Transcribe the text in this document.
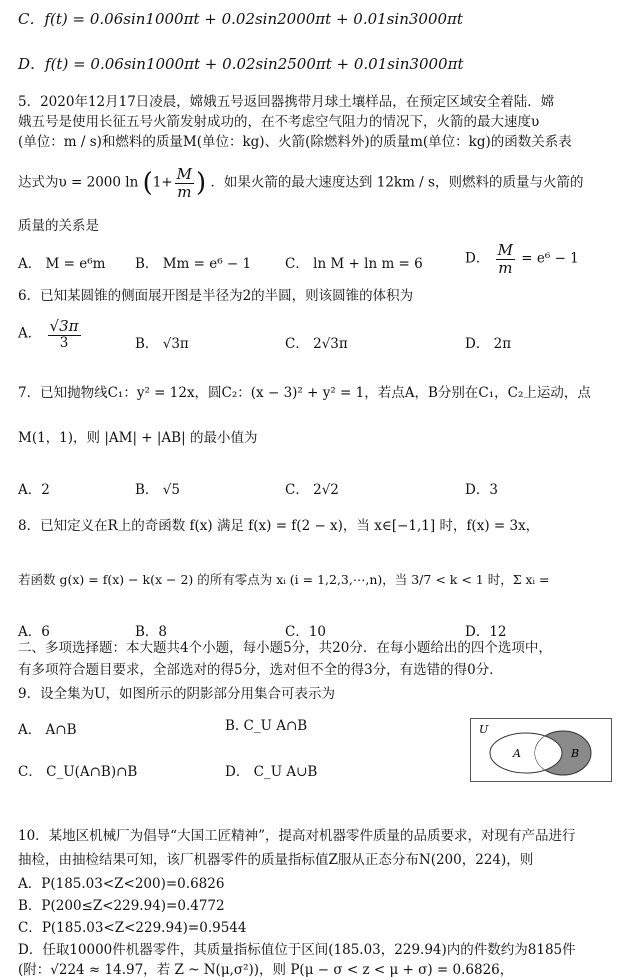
C．f(t) = 0.06sin1000πt + 0.02sin2000πt + 0.01sin3000πt
D．f(t) = 0.06sin1000πt + 0.02sin2500πt + 0.01sin3000πt
5．2020年12月17日凌晨，嫦娥五号返回器携带月球土壤样品，在预定区域安全着陆．嫦
娥五号是使用长征五号火箭发射成功的，在不考虑空气阻力的情况下，火箭的最大速度υ
(单位：m / s)和燃料的质量M(单位：kg)、火箭(除燃料外)的质量m(单位：kg)的函数关系表
达式为υ = 2000 $\ln (1+ \frac{M}{m}$ ) ．如果火箭的最大速度达到 12km / s，则燃料的质量与火箭的
质量的关系是
A． M = e⁶m B． Mm = e⁶ − 1	C． ln M + ln m = 6	D． $\frac{M}{m} = e^6 - 1$
6．已知某圆锥的侧面展开图是半径为2的半圆，则该圆锥的体积为
A． $\frac{√3\pi}{3}$	B． √3π	C． 2√3π	D． 2π
7．已知抛物线C₁：y² = 12x，圆C₂：(x − 3)² + y² = 1，若点A，B分别在C₁，C₂上运动，点
M(1，1)，则 |AM| + |AB| 的最小值为
A．2	B． √5	C． 2√2	D．3
8．已知定义在R上的奇函数 f(x) 满足 f(x) = f(2 − x)，当 x∈[−1,1] 时，f(x) = 3x，
若函数 g(x) = f(x) − k(x − 2) 的所有零点为 xᵢ (i = 1,2,3,⋯,n)，当 3/7 < k < 1 时，Σ xᵢ =
A．6	B．8	C．10	D．12
二、多项选择题：本大题共4个小题，每小题5分，共20分．在每小题给出的四个选项中，
有多项符合题目要求，全部选对的得5分，选对但不全的得3分，有选错的得0分．
9．设全集为U，如图所示的阴影部分用集合可表示为
A． A∩B	B. C_U A∩B
C． C_U(A∩B)∩B	D． C_U A∪B
U
A	B
10．某地区机械厂为倡导“大国工匠精神”，提高对机器零件质量的品质要求，对现有产品进行
抽检，由抽检结果可知，该厂机器零件的质量指标值Z服从正态分布N(200，224)，则
A．P(185.03<Z<200)=0.6826
B．P(200≤Z<229.94)=0.4772
C．P(185.03<Z<229.94)=0.9544
D．任取10000件机器零件，其质量指标值位于区间(185.03，229.94)内的件数约为8185件
(附：√224 ≈ 14.97，若 Z ~ N(μ,σ²))，则 P(μ − σ < z < μ + σ) = 0.6826，
